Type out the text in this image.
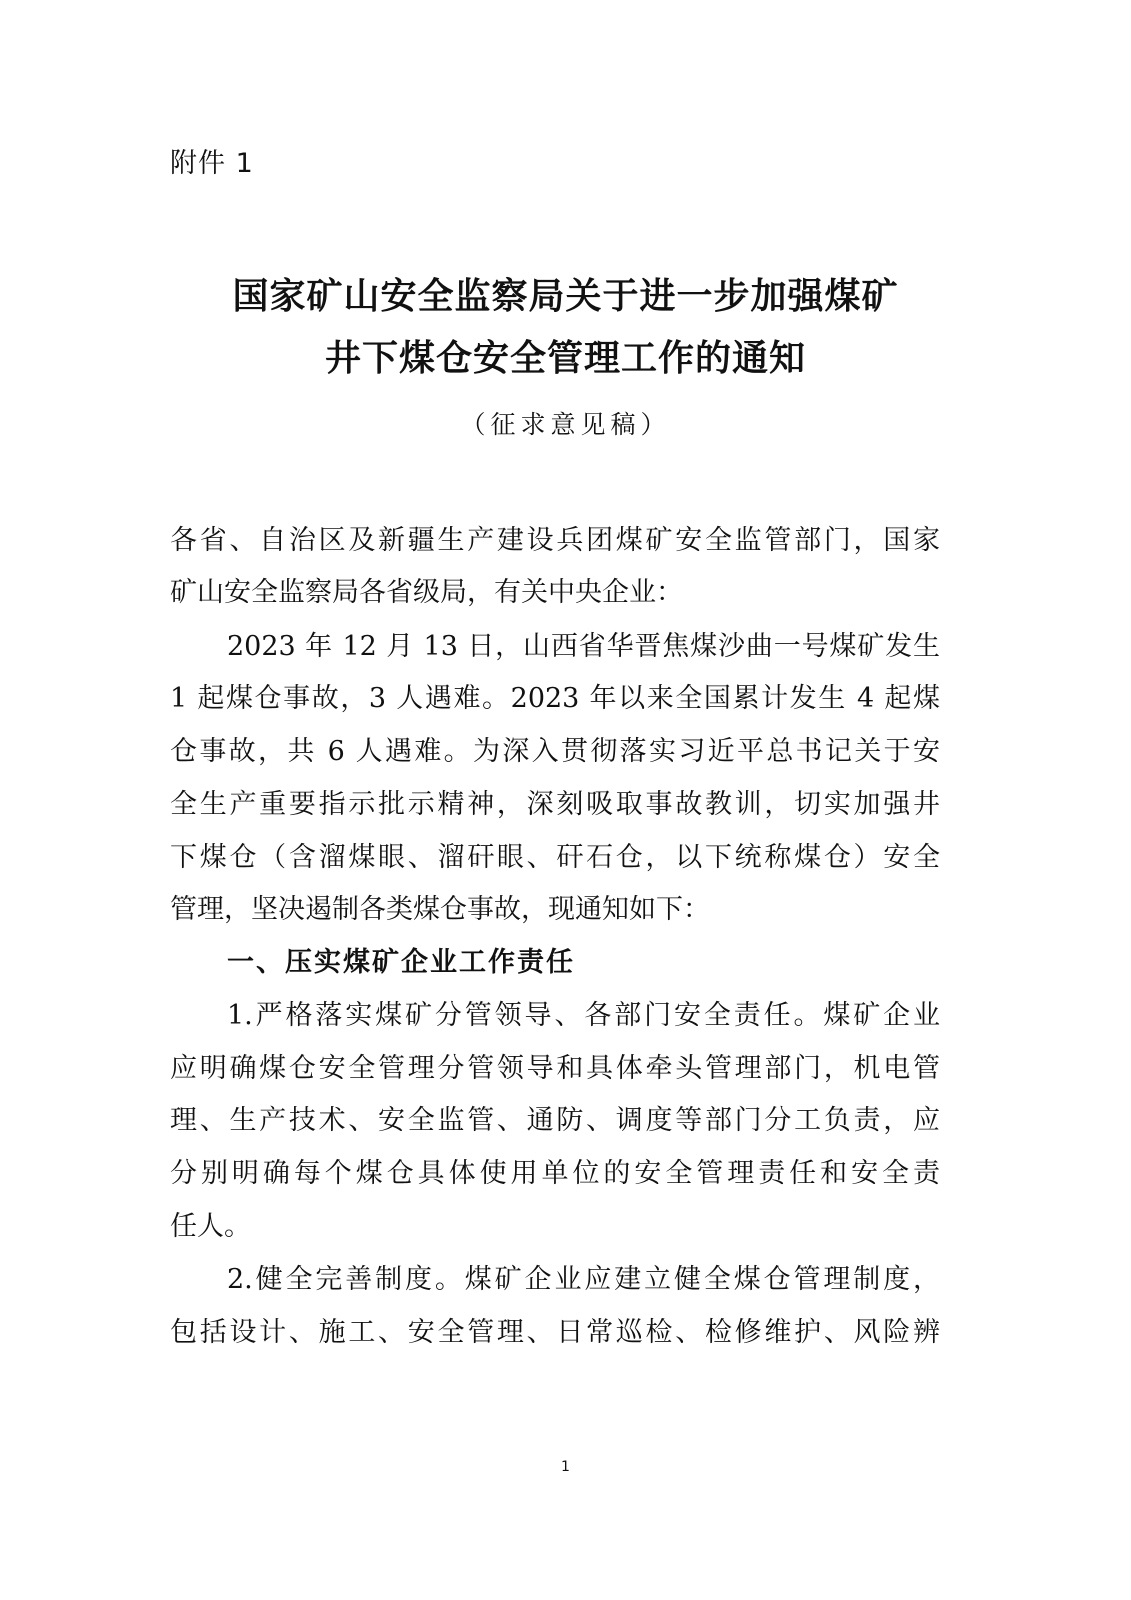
附件 1
国家矿山安全监察局关于进一步加强煤矿
井下煤仓安全管理工作的通知
（征求意见稿）
各省、自治区及新疆生产建设兵团煤矿安全监管部门，国家
矿山安全监察局各省级局，有关中央企业：
2023 年 12 月 13 日，山西省华晋焦煤沙曲一号煤矿发生
1 起煤仓事故，3 人遇难。2023 年以来全国累计发生 4 起煤
仓事故，共 6 人遇难。为深入贯彻落实习近平总书记关于安
全生产重要指示批示精神，深刻吸取事故教训，切实加强井
下煤仓（含溜煤眼、溜矸眼、矸石仓，以下统称煤仓）安全
管理，坚决遏制各类煤仓事故，现通知如下：
一、压实煤矿企业工作责任
1.严格落实煤矿分管领导、各部门安全责任。煤矿企业
应明确煤仓安全管理分管领导和具体牵头管理部门，机电管
理、生产技术、安全监管、通防、调度等部门分工负责，应
分别明确每个煤仓具体使用单位的安全管理责任和安全责
任人。
2.健全完善制度。煤矿企业应建立健全煤仓管理制度，
包括设计、施工、安全管理、日常巡检、检修维护、风险辨
1
